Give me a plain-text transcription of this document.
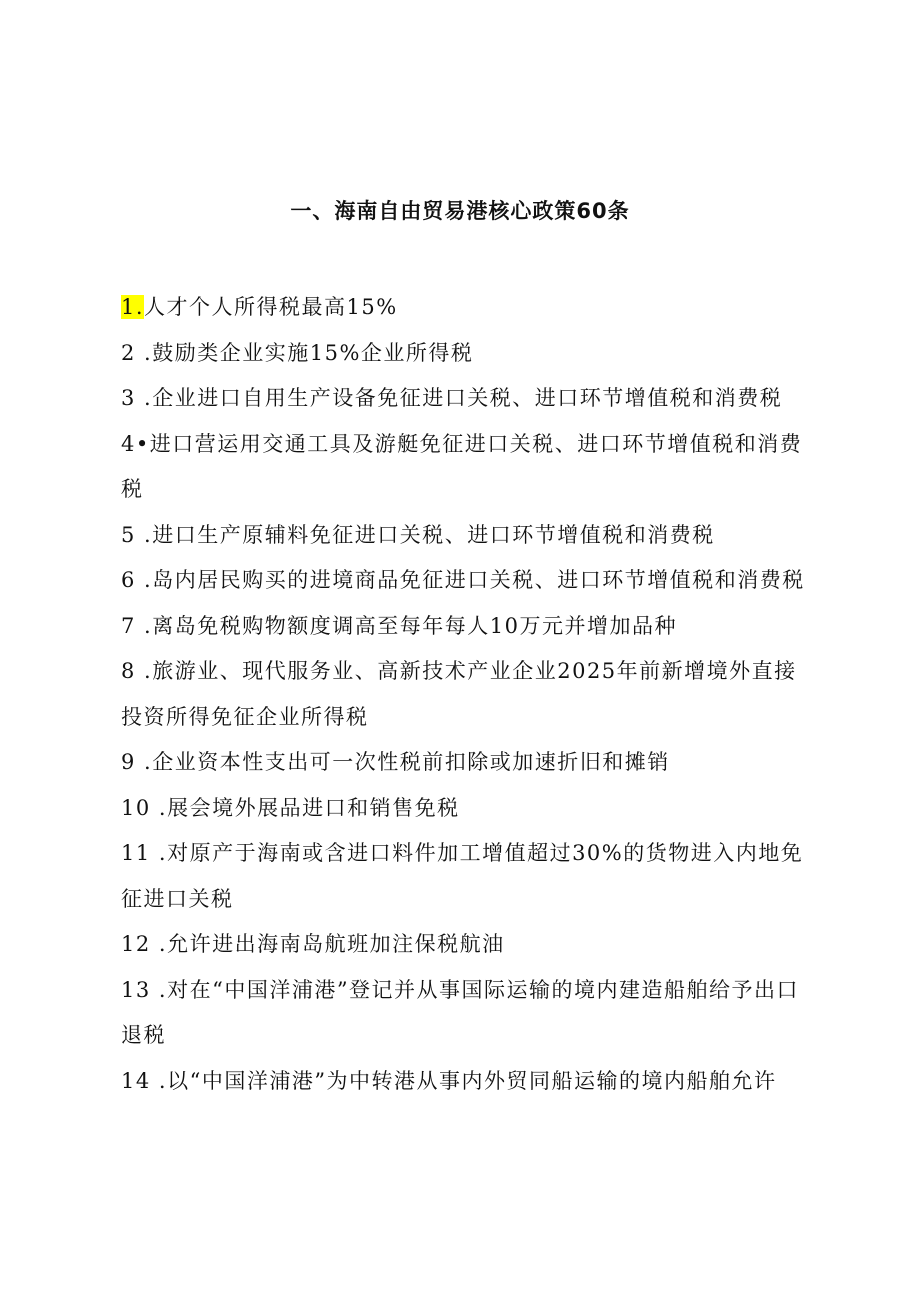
一、海南自由贸易港核心政策60条
1.人才个人所得税最高15%
2 .鼓励类企业实施15%企业所得税
3 .企业进口自用生产设备免征进口关税、进口环节增值税和消费税
4•进口营运用交通工具及游艇免征进口关税、进口环节增值税和消费税
5 .进口生产原辅料免征进口关税、进口环节增值税和消费税
6 .岛内居民购买的进境商品免征进口关税、进口环节增值税和消费税
7 .离岛免税购物额度调高至每年每人10万元并增加品种
8 .旅游业、现代服务业、高新技术产业企业2025年前新增境外直接投资所得免征企业所得税
9 .企业资本性支出可一次性税前扣除或加速折旧和摊销
10 .展会境外展品进口和销售免税
11 .对原产于海南或含进口料件加工增值超过30%的货物进入内地免征进口关税
12 .允许进出海南岛航班加注保税航油
13 .对在“中国洋浦港”登记并从事国际运输的境内建造船舶给予出口退税
14 .以“中国洋浦港”为中转港从事内外贸同船运输的境内船舶允许
